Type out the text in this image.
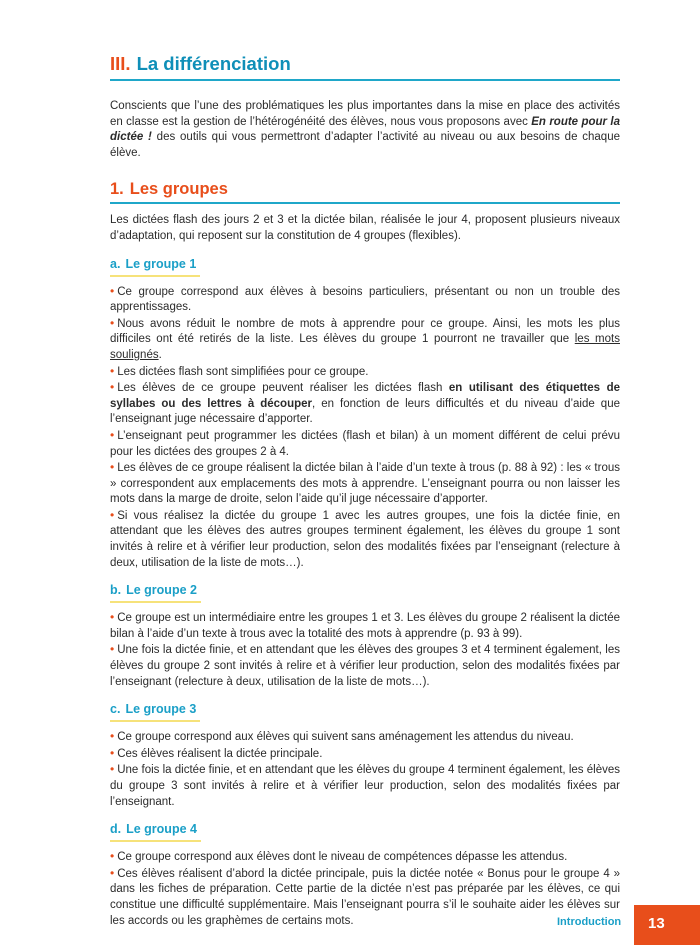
III. La différenciation

Conscients que l’une des problématiques les plus importantes dans la mise en place des activités en classe est la gestion de l’hétérogénéité des élèves, nous vous proposons avec En route pour la dictée ! des outils qui vous permettront d’adapter l’activité au niveau ou aux besoins de chaque élève.

1. Les groupes

Les dictées flash des jours 2 et 3 et la dictée bilan, réalisée le jour 4, proposent plusieurs niveaux d’adaptation, qui reposent sur la constitution de 4 groupes (flexibles).

a. Le groupe 1
• Ce groupe correspond aux élèves à besoins particuliers, présentant ou non un trouble des apprentissages.
• Nous avons réduit le nombre de mots à apprendre pour ce groupe. Ainsi, les mots les plus difficiles ont été retirés de la liste. Les élèves du groupe 1 pourront ne travailler que les mots soulignés.
• Les dictées flash sont simplifiées pour ce groupe.
• Les élèves de ce groupe peuvent réaliser les dictées flash en utilisant des étiquettes de syllabes ou des lettres à découper, en fonction de leurs difficultés et du niveau d’aide que l’enseignant juge nécessaire d’apporter.
• L’enseignant peut programmer les dictées (flash et bilan) à un moment différent de celui prévu pour les dictées des groupes 2 à 4.
• Les élèves de ce groupe réalisent la dictée bilan à l’aide d’un texte à trous (p. 88 à 92) : les « trous » correspondent aux emplacements des mots à apprendre. L’enseignant pourra ou non laisser les mots dans la marge de droite, selon l’aide qu’il juge nécessaire d’apporter.
• Si vous réalisez la dictée du groupe 1 avec les autres groupes, une fois la dictée finie, en attendant que les élèves des autres groupes terminent également, les élèves du groupe 1 sont invités à relire et à vérifier leur production, selon des modalités fixées par l’enseignant (relecture à deux, utilisation de la liste de mots…).
b. Le groupe 2
• Ce groupe est un intermédiaire entre les groupes 1 et 3. Les élèves du groupe 2 réalisent la dictée bilan à l’aide d’un texte à trous avec la totalité des mots à apprendre (p. 93 à 99).
• Une fois la dictée finie, et en attendant que les élèves des groupes 3 et 4 terminent également, les élèves du groupe 2 sont invités à relire et à vérifier leur production, selon des modalités fixées par l’enseignant (relecture à deux, utilisation de la liste de mots…).
c. Le groupe 3
• Ce groupe correspond aux élèves qui suivent sans aménagement les attendus du niveau.
• Ces élèves réalisent la dictée principale.
• Une fois la dictée finie, et en attendant que les élèves du groupe 4 terminent également, les élèves du groupe 3 sont invités à relire et à vérifier leur production, selon des modalités fixées par l’enseignant.
d. Le groupe 4
• Ce groupe correspond aux élèves dont le niveau de compétences dépasse les attendus.
• Ces élèves réalisent d’abord la dictée principale, puis la dictée notée « Bonus pour le groupe 4 » dans les fiches de préparation. Cette partie de la dictée n’est pas préparée par les élèves, ce qui constitue une difficulté supplémentaire. Mais l’enseignant pourra s’il le souhaite aider les élèves sur les accords ou les graphèmes de certains mots.	Introduction	13
